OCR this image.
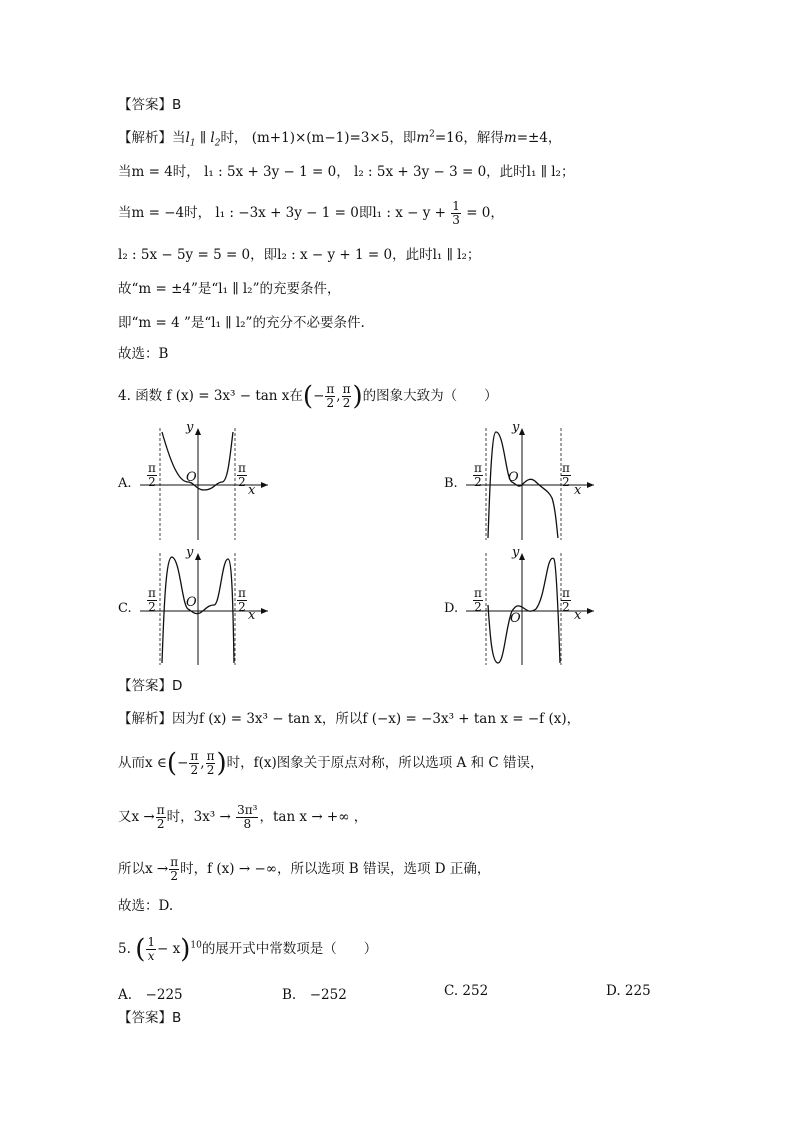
【答案】B
【解析】当$l_1$ ∥ $l_2$时， (m+1)×(m−1)=3×5，即$m^2=16$，解得m=±4，
当m = 4时， l₁ : 5x + 3y − 1 = 0， l₂ : 5x + 3y − 3 = 0，此时l₁ ∥ l₂；
当m = −4时， l₁ : −3x + 3y − 1 = 0即l₁ : $x - y + \frac{1}{3} = 0$，
l₂ : 5x − 5y = 5 = 0，即l₂ : x − y + 1 = 0，此时l₁ ∥ l₂；
故“m = ±4”是“l₁ ∥ l₂”的充要条件，
即“m = 4 ”是“l₁ ∥ l₂”的充分不必要条件.
故选：B
4. 函数 f (x) = 3x³ − tan x在(− $\frac{\pi}{2}$ , $\frac{\pi}{2}$ )的图象大致为（　　）
A.	O
x
y
$\frac{\pi}{2}$	$\frac{\pi}{2}$	B.	O
x
y
$\frac{\pi}{2}$	$\frac{\pi}{2}$
C.	O
x
y
$\frac{\pi}{2}$	$\frac{\pi}{2}$	D.
O	x
y
$\frac{\pi}{2}$	$\frac{\pi}{2}$
【答案】D
【解析】因为f (x) = 3x³ − tan x，所以f (−x) = −3x³ + tan x = −f (x)，
从而x ∈(− $\frac{\pi}{2}$ , $\frac{\pi}{2}$ )时，f(x)图象关于原点对称，所以选项 A 和 C 错误，
又$x \to \frac{\pi}{2}$ 时，$3x^3 \to \frac{\text{3π³}}{8}$ ，tan x → +∞ ，
所以$x \to \frac{\pi}{2}$ 时，f (x) → −∞，所以选项 B 错误，选项 D 正确，
故选：D.
5. ( $\frac{1}{x} - x)^{10}$的展开式中常数项是（　　）
A.　−225	B.　−252	C. 252	D. 225
【答案】B
